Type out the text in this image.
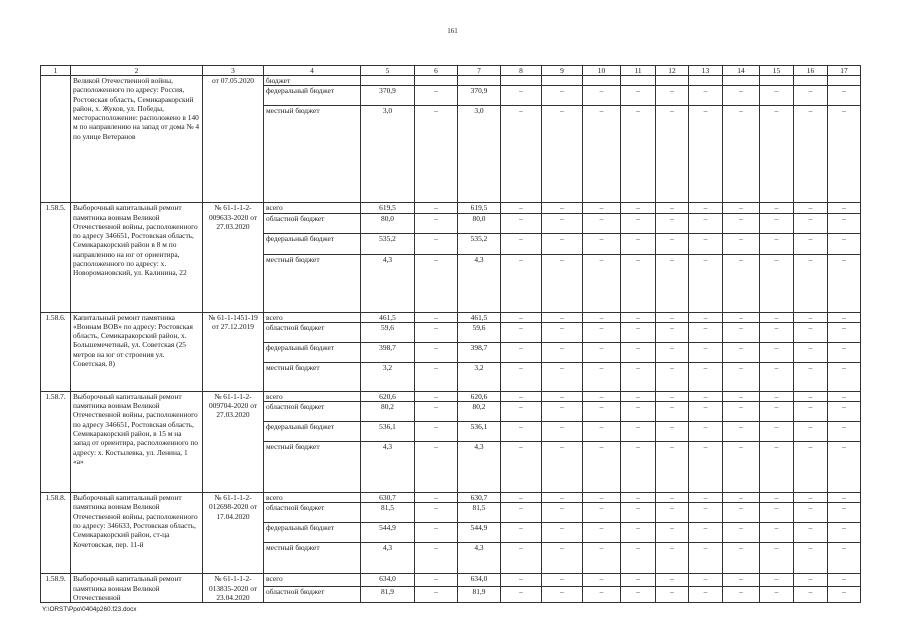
161
1	2	3	4	5	6	7	8	9	10	11	12	13	14	15	16	17
	Великой Отечественной войны, расположенного по адресу: Россия, Ростовская область, Семикаракорский район, х. Жуков, ул. Победы, месторасположение: расположено в 140 м по направлению на запад от дома № 4 по улице Ветеранов	от 07.05.2020	бюджет													
			федеральный бюджет	370,9	–	370,9	–	–	–	–	–	–	–	–	–	–
			местный бюджет	3,0	–	3,0	–	–	–	–	–	–	–	–	–	–
1.58.5.	Выборочный капитальный ремонт памятника воинам Великой Отечественной войны, расположенного по адресу 346651, Ростовская область, Семикаракорский район в 8 м по направлению на юг от ориентира, расположенного по адресу: х. Новоромановский, ул. Калинина, 22	№ 61-1-1-2-009633-2020 от 27.03.2020	всего	619,5	–	619,5	–	–	–	–	–	–	–	–	–	–
			областной бюджет	80,0	–	80,0	–	–	–	–	–	–	–	–	–	–
			федеральный бюджет	535,2	–	535,2	–	–	–	–	–	–	–	–	–	–
			местный бюджет	4,3	–	4,3	–	–	–	–	–	–	–	–	–	–
1.58.6.	Капитальный ремонт памятника «Воинам ВОВ» по адресу: Ростовская область, Семикаракорский район, х. Большемечетный, ул. Советская (25 метров на юг от строения ул. Советская, 8)	№ 61-1-1451-19 от 27.12.2019	всего	461,5	–	461,5	–	–	–	–	–	–	–	–	–	–
			областной бюджет	59,6	–	59,6	–	–	–	–	–	–	–	–	–	–
			федеральный бюджет	398,7	–	398,7	–	–	–	–	–	–	–	–	–	–
			местный бюджет	3,2	–	3,2	–	–	–	–	–	–	–	–	–	–
1.58.7.	Выборочный капитальный ремонт памятника воинам Великой Отечественной войны, расположенного по адресу 346651, Ростовская область, Семикаракорский район, в 15 м на запад от ориентира, расположенного по адресу: х. Костылевка, ул. Ленина, 1 «а»	№ 61-1-1-2-009704-2020 от 27.03.2020	всего	620,6	–	620,6	–	–	–	–	–	–	–	–	–	–
			областной бюджет	80,2	–	80,2	–	–	–	–	–	–	–	–	–	–
			федеральный бюджет	536,1	–	536,1	–	–	–	–	–	–	–	–	–	–
			местный бюджет	4,3	–	4,3	–	–	–	–	–	–	–	–	–	–
1.58.8.	Выборочный капитальный ремонт памятника воинам Великой Отечественной войны, расположенного по адресу: 346633, Ростовская область, Семикаракорский район, ст-ца Кочетовская, пер. 11-й	№ 61-1-1-2-012698-2020 от 17.04.2020	всего	630,7	–	630,7	–	–	–	–	–	–	–	–	–	–
			областной бюджет	81,5	–	81,5	–	–	–	–	–	–	–	–	–	–
			федеральный бюджет	544,9	–	544,9	–	–	–	–	–	–	–	–	–	–
			местный бюджет	4,3	–	4,3	–	–	–	–	–	–	–	–	–	–
1.58.9.	Выборочный капитальный ремонт памятника воинам Великой Отечественной	№ 61-1-1-2-013835-2020 от 23.04.2020	всего	634,0	–	634,0	–	–	–	–	–	–	–	–	–	–
			областной бюджет	81,9	–	81,9	–	–	–	–	–	–	–	–	–	–
Y:\ORST\Ppo\0404p260.f23.docx
